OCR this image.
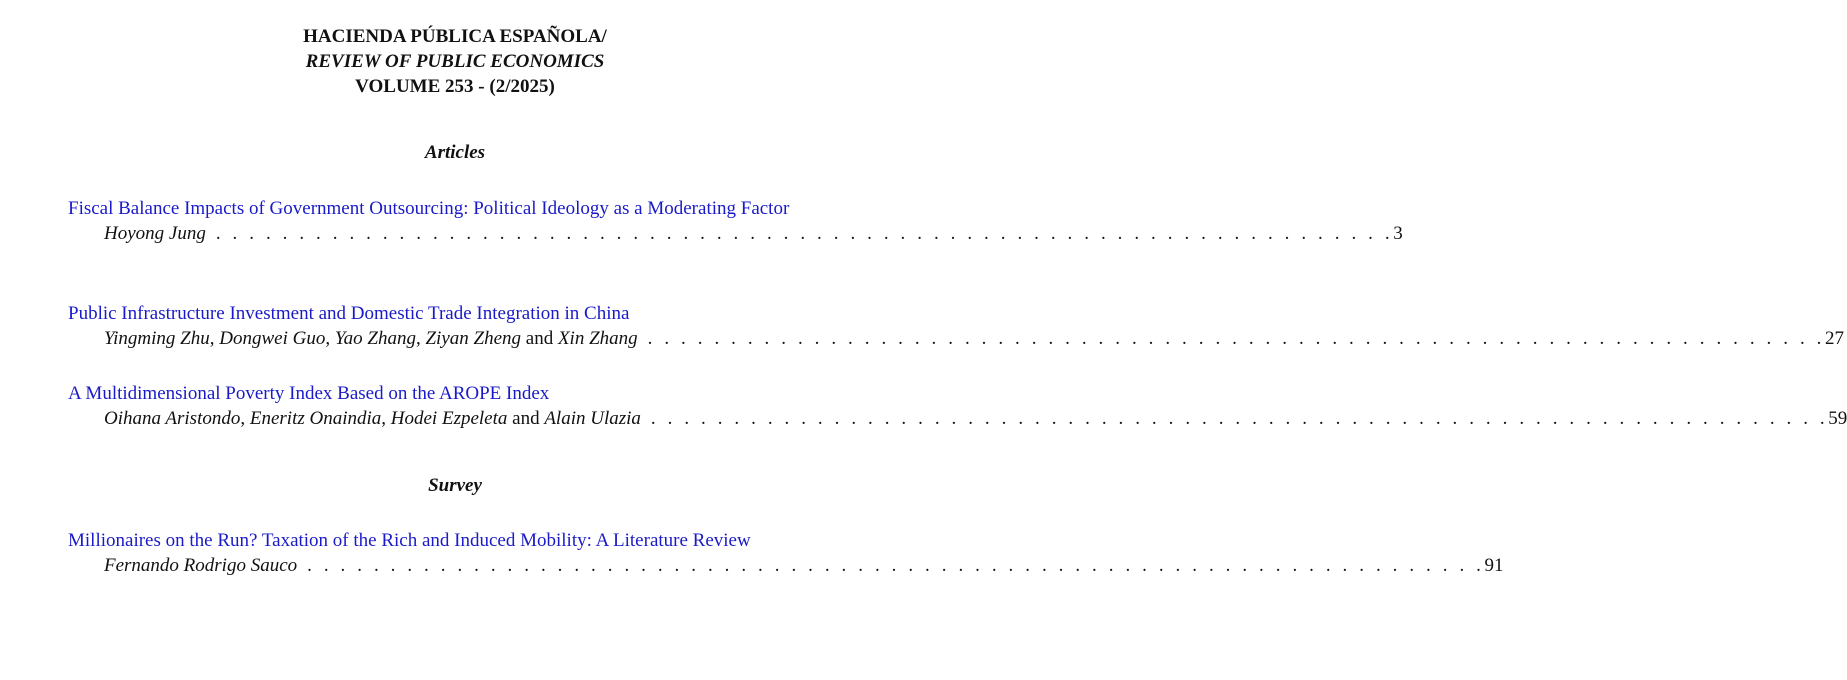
HACIENDA PÚBLICA ESPAÑOLA/
REVIEW OF PUBLIC ECONOMICS
VOLUME 253 - (2/2025)
Articles
Fiscal Balance Impacts of Government Outsourcing: Political Ideology as a Moderating Factor
Hoyong Jung . . . . . . . . . . . . . . . . . . . . . . . . . . . . . . . . . . . . . . . . . . . . . . . . . . . . . . . . . . . . . . . . . . . . . . . 3
Public Infrastructure Investment and Domestic Trade Integration in China
Yingming Zhu, Dongwei Guo, Yao Zhang, Ziyan Zheng and Xin Zhang . . . . . . . . . . . . . . . . . . . . . . . . . . . . . . . . . . . . . . . . . . . . . . . . . . . . . . . . . . . . . . . . . . . . . . . 27
A Multidimensional Poverty Index Based on the AROPE Index
Oihana Aristondo, Eneritz Onaindia, Hodei Ezpeleta and Alain Ulazia . . . . . . . . . . . . . . . . . . . . . . . . . . . . . . . . . . . . . . . . . . . . . . . . . . . . . . . . . . . . . . . . . . . . . . . 59
Survey
Millionaires on the Run? Taxation of the Rich and Induced Mobility: A Literature Review
Fernando Rodrigo Sauco . . . . . . . . . . . . . . . . . . . . . . . . . . . . . . . . . . . . . . . . . . . . . . . . . . . . . . . . . . . . . . . . . . . . . . . 91
